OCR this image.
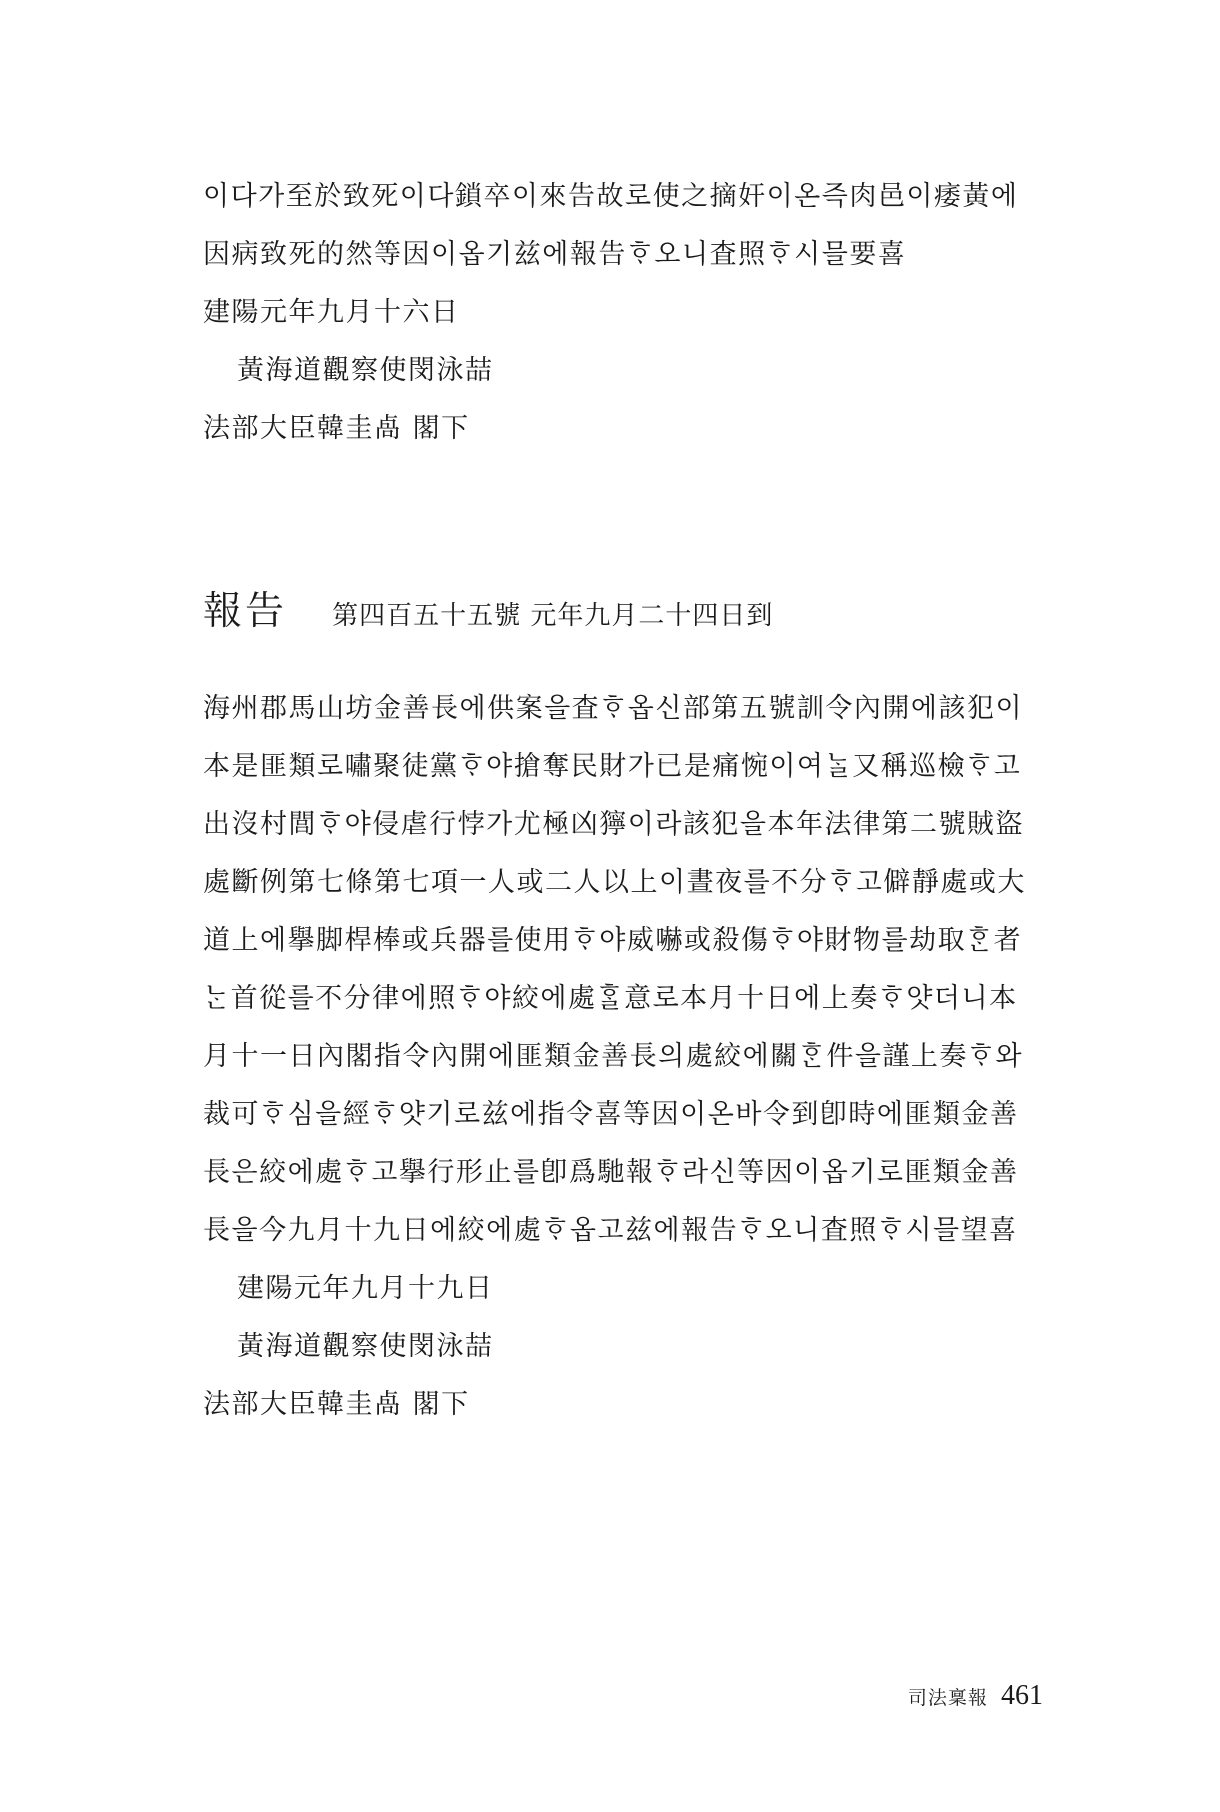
이다가至於致死이다鎖卒이來告故로使之摘奸이온즉肉邑이痿黃에
因病致死的然等因이옵기兹에報告ᄒᆞ오니査照ᄒᆞ시믈要喜
建陽元年九月十六日
黃海道觀察使閔泳喆
法部大臣韓圭卨 閣下
報告 第四百五十五號 元年九月二十四日到
海州郡馬山坊金善長에供案을査ᄒᆞ옵신部第五號訓令內開에該犯이
本是匪類로嘯聚徒黨ᄒᆞ야搶奪民財가已是痛惋이여ᄂᆞᆯ又稱巡檢ᄒᆞ고
出沒村閭ᄒᆞ야侵虐行悖가尤極凶獰이라該犯을本年法律第二號賊盜
處斷例第七條第七項一人或二人以上이晝夜를不分ᄒᆞ고僻靜處或大
道上에擧脚桿棒或兵器를使用ᄒᆞ야威嚇或殺傷ᄒᆞ야財物를劫取ᄒᆞᆫ者
ᄂᆞᆫ首從를不分律에照ᄒᆞ야絞에處ᄒᆞᆯ意로本月十日에上奏ᄒᆞ얏더니本
月十一日內閣指令內開에匪類金善長의處絞에關ᄒᆞᆫ件을謹上奏ᄒᆞ와
裁可ᄒᆞ심을經ᄒᆞ얏기로兹에指令喜等因이온바令到卽時에匪類金善
長은絞에處ᄒᆞ고擧行形止를卽爲馳報ᄒᆞ라신等因이옵기로匪類金善
長을今九月十九日에絞에處ᄒᆞ옵고兹에報告ᄒᆞ오니査照ᄒᆞ시믈望喜
建陽元年九月十九日
黃海道觀察使閔泳喆
法部大臣韓圭卨 閣下
司法稟報 461
